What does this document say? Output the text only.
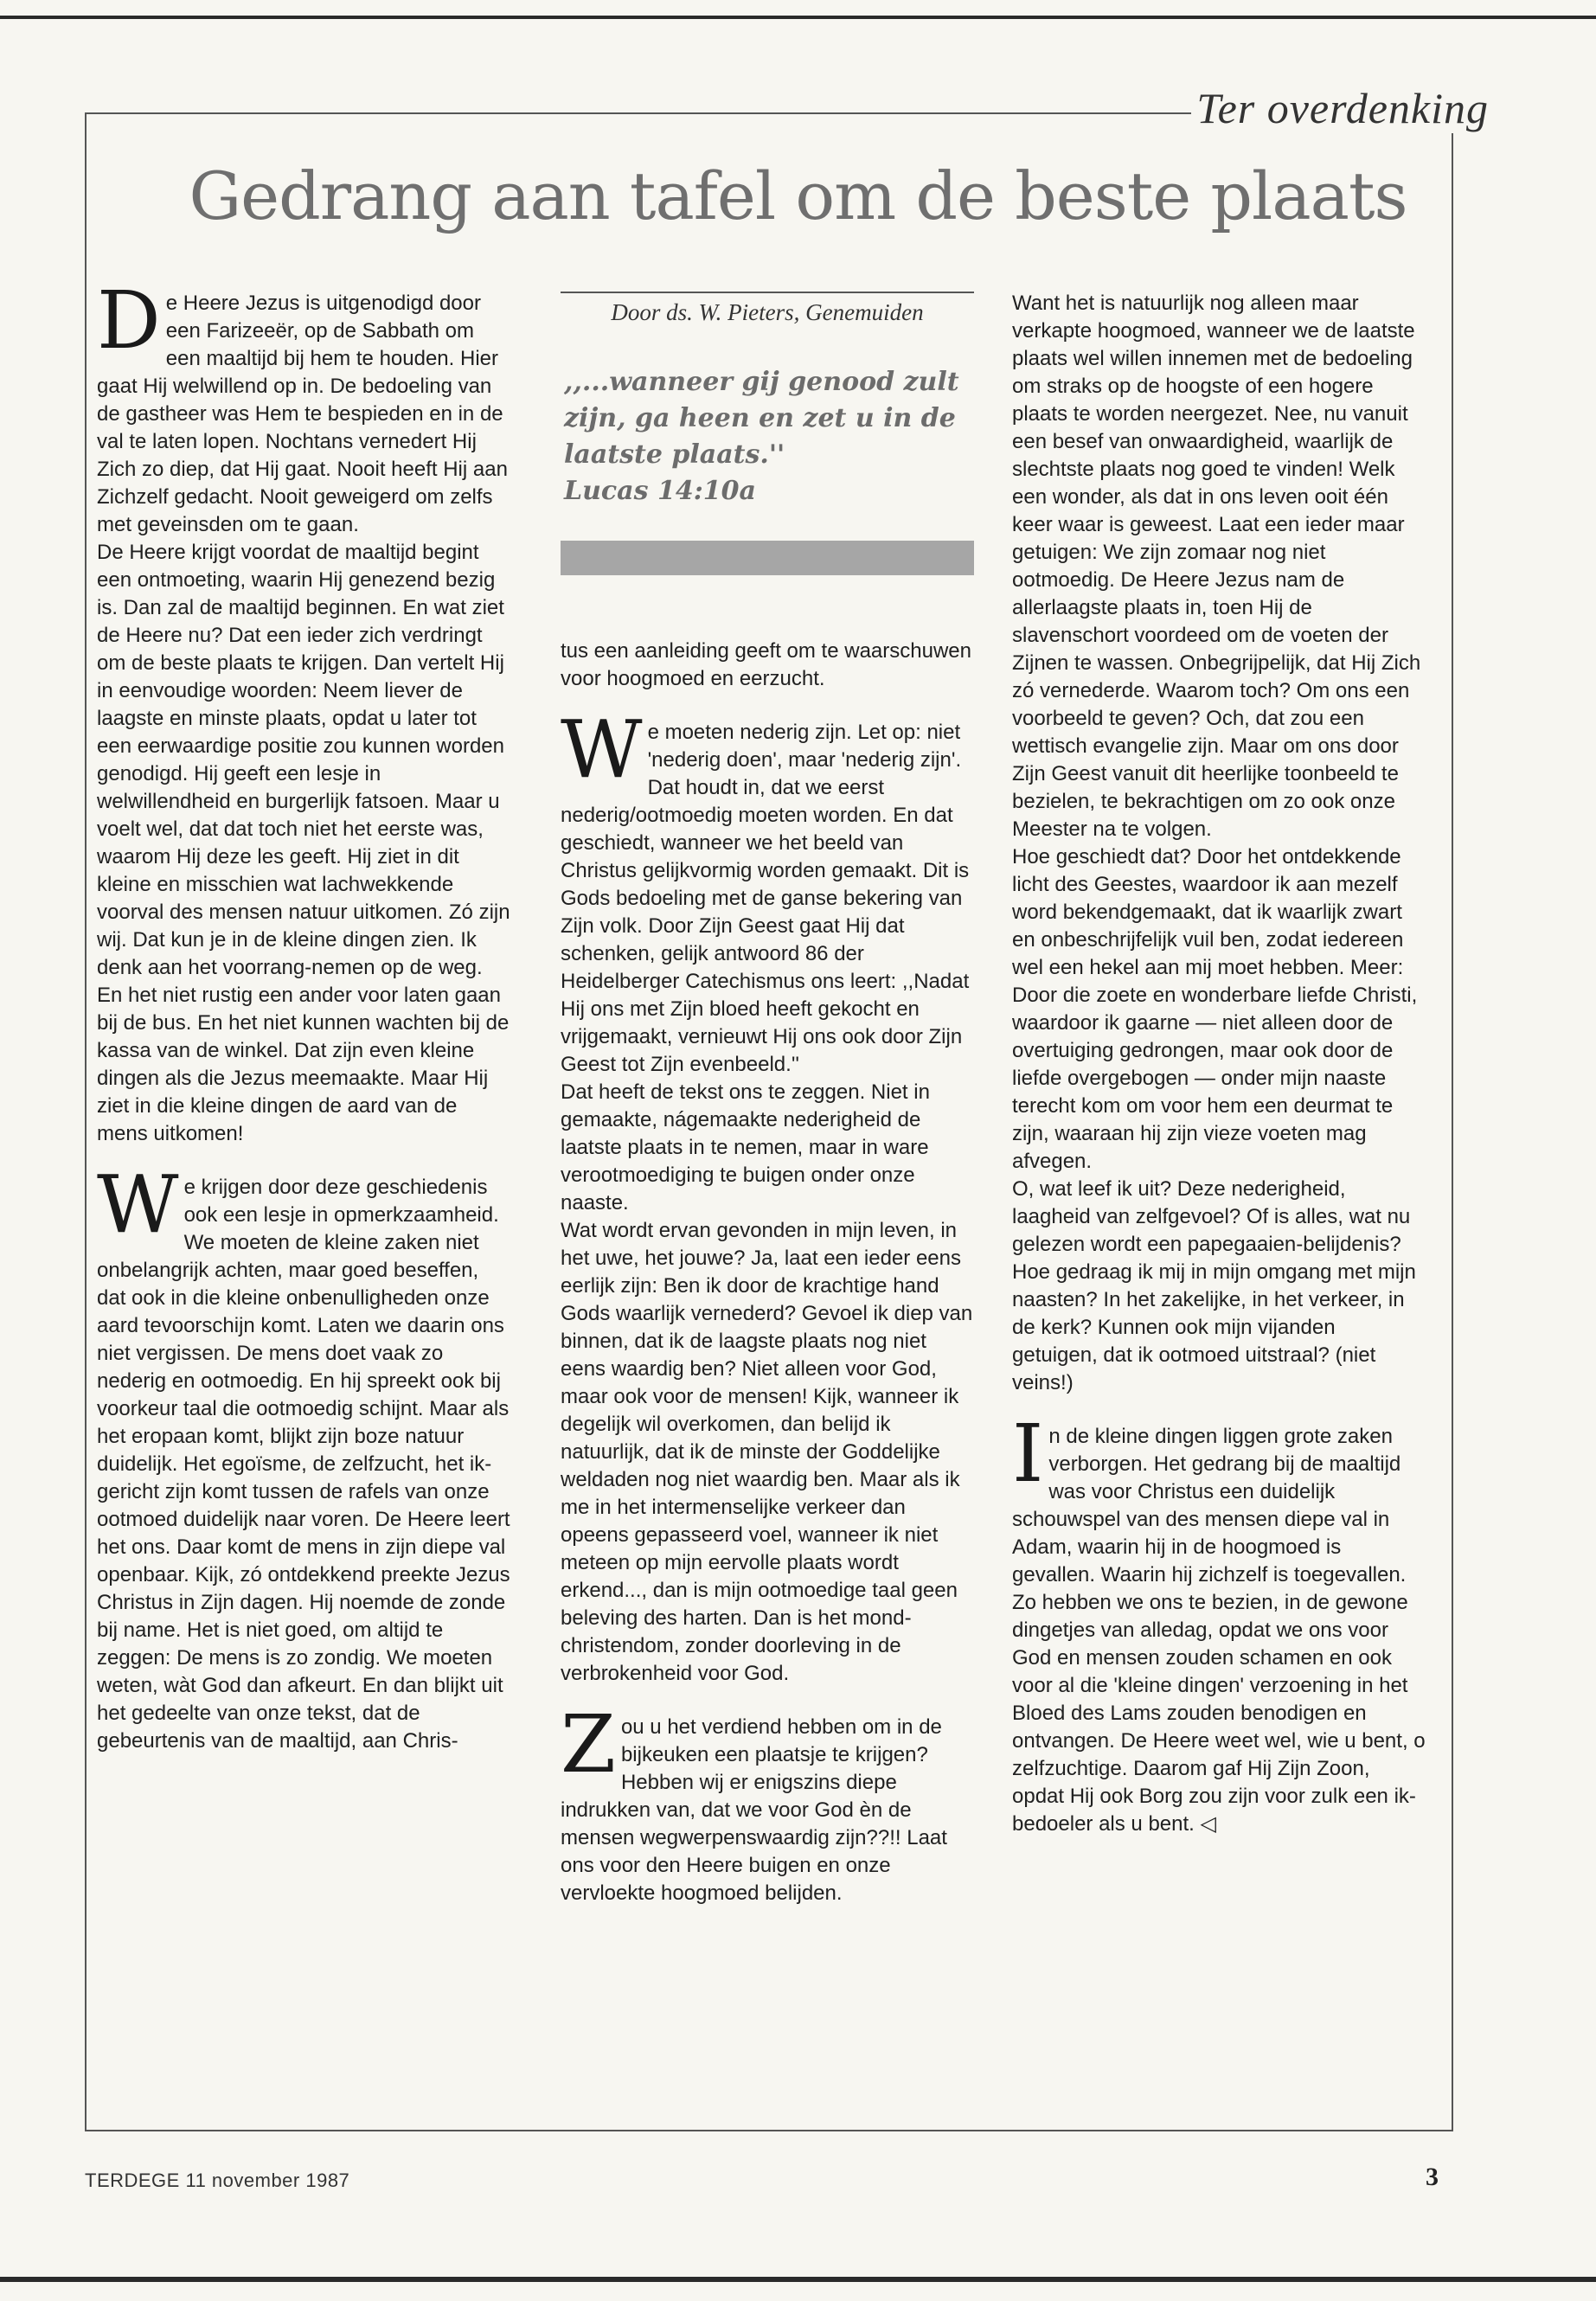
Ter overdenking
Gedrang aan tafel om de beste plaats

De Heere Jezus is uitgenodigd door een Farizeeër, op de Sabbath om een maaltijd bij hem te houden. Hier gaat Hij welwillend op in. De bedoeling van de gastheer was Hem te bespieden en in de val te laten lopen. Nochtans vernedert Hij Zich zo diep, dat Hij gaat. Nooit heeft Hij aan Zichzelf gedacht. Nooit geweigerd om zelfs met geveinsden om te gaan.
De Heere krijgt voordat de maaltijd begint een ontmoeting, waarin Hij genezend bezig is. Dan zal de maaltijd beginnen. En wat ziet de Heere nu? Dat een ieder zich verdringt om de beste plaats te krijgen. Dan vertelt Hij in eenvoudige woorden: Neem liever de laagste en minste plaats, opdat u later tot een eerwaardige positie zou kunnen worden genodigd. Hij geeft een lesje in welwillendheid en burgerlijk fatsoen. Maar u voelt wel, dat dat toch niet het eerste was, waarom Hij deze les geeft. Hij ziet in dit kleine en misschien wat lachwekkende voorval des mensen natuur uitkomen. Zó zijn wij. Dat kun je in de kleine dingen zien. Ik denk aan het voorrang-nemen op de weg. En het niet rustig een ander voor laten gaan bij de bus. En het niet kunnen wachten bij de kassa van de winkel. Dat zijn even kleine dingen als die Jezus meemaakte. Maar Hij ziet in die kleine dingen de aard van de mens uitkomen!

We krijgen door deze geschiedenis ook een lesje in opmerkzaamheid. We moeten de kleine zaken niet onbelangrijk achten, maar goed beseffen, dat ook in die kleine onbenulligheden onze aard tevoorschijn komt. Laten we daarin ons niet vergissen. De mens doet vaak zo nederig en ootmoedig. En hij spreekt ook bij voorkeur taal die ootmoedig schijnt. Maar als het eropaan komt, blijkt zijn boze natuur duidelijk. Het egoïsme, de zelfzucht, het ik-gericht zijn komt tussen de rafels van onze ootmoed duidelijk naar voren. De Heere leert het ons. Daar komt de mens in zijn diepe val openbaar. Kijk, zó ontdekkend preekte Jezus Christus in Zijn dagen. Hij noemde de zonde bij name. Het is niet goed, om altijd te zeggen: De mens is zo zondig. We moeten weten, wàt God dan afkeurt. En dan blijkt uit het gedeelte van onze tekst, dat de gebeurtenis van de maaltijd, aan Chris-

Door ds. W. Pieters, Genemuiden
,,...wanneer gij genood zult
zijn, ga heen en zet u in de
laatste plaats.''
Lucas 14:10a

tus een aanleiding geeft om te waarschuwen voor hoogmoed en eerzucht.

We moeten nederig zijn. Let op: niet 'nederig doen', maar 'nederig zijn'. Dat houdt in, dat we eerst nederig/ootmoedig moeten worden. En dat geschiedt, wanneer we het beeld van Christus gelijkvormig worden gemaakt. Dit is Gods bedoeling met de ganse bekering van Zijn volk. Door Zijn Geest gaat Hij dat schenken, gelijk antwoord 86 der Heidelberger Catechismus ons leert: ,,Nadat Hij ons met Zijn bloed heeft gekocht en vrijgemaakt, vernieuwt Hij ons ook door Zijn Geest tot Zijn evenbeeld.''
Dat heeft de tekst ons te zeggen. Niet in gemaakte, nágemaakte nederigheid de laatste plaats in te nemen, maar in ware verootmoediging te buigen onder onze naaste.
Wat wordt ervan gevonden in mijn leven, in het uwe, het jouwe? Ja, laat een ieder eens eerlijk zijn: Ben ik door de krachtige hand Gods waarlijk vernederd? Gevoel ik diep van binnen, dat ik de laagste plaats nog niet eens waardig ben? Niet alleen voor God, maar ook voor de mensen! Kijk, wanneer ik degelijk wil overkomen, dan belijd ik natuurlijk, dat ik de minste der Goddelijke weldaden nog niet waardig ben. Maar als ik me in het intermenselijke verkeer dan opeens gepasseerd voel, wanneer ik niet meteen op mijn eervolle plaats wordt erkend..., dan is mijn ootmoedige taal geen beleving des harten. Dan is het mond-christendom, zonder doorleving in de verbrokenheid voor God.

Zou u het verdiend hebben om in de bijkeuken een plaatsje te krijgen? Hebben wij er enigszins diepe indrukken van, dat we voor God èn de mensen wegwerpenswaardig zijn??!! Laat ons voor den Heere buigen en onze vervloekte hoogmoed belijden.

Want het is natuurlijk nog alleen maar verkapte hoogmoed, wanneer we de laatste plaats wel willen innemen met de bedoeling om straks op de hoogste of een hogere plaats te worden neergezet. Nee, nu vanuit een besef van onwaardigheid, waarlijk de slechtste plaats nog goed te vinden! Welk een wonder, als dat in ons leven ooit één keer waar is geweest. Laat een ieder maar getuigen: We zijn zomaar nog niet ootmoedig. De Heere Jezus nam de allerlaagste plaats in, toen Hij de slavenschort voordeed om de voeten der Zijnen te wassen. Onbegrijpelijk, dat Hij Zich zó vernederde. Waarom toch? Om ons een voorbeeld te geven? Och, dat zou een wettisch evangelie zijn. Maar om ons door Zijn Geest vanuit dit heerlijke toonbeeld te bezielen, te bekrachtigen om zo ook onze Meester na te volgen.
Hoe geschiedt dat? Door het ontdekkende licht des Geestes, waardoor ik aan mezelf word bekendgemaakt, dat ik waarlijk zwart en onbeschrijfelijk vuil ben, zodat iedereen wel een hekel aan mij moet hebben. Meer: Door die zoete en wonderbare liefde Christi, waardoor ik gaarne — niet alleen door de overtuiging gedrongen, maar ook door de liefde overgebogen — onder mijn naaste terecht kom om voor hem een deurmat te zijn, waaraan hij zijn vieze voeten mag afvegen.
O, wat leef ik uit? Deze nederigheid, laagheid van zelfgevoel? Of is alles, wat nu gelezen wordt een papegaaien-belijdenis? Hoe gedraag ik mij in mijn omgang met mijn naasten? In het zakelijke, in het verkeer, in de kerk? Kunnen ook mijn vijanden getuigen, dat ik ootmoed uitstraal? (niet veins!)

In de kleine dingen liggen grote zaken verborgen. Het gedrang bij de maaltijd was voor Christus een duidelijk schouwspel van des mensen diepe val in Adam, waarin hij in de hoogmoed is gevallen. Waarin hij zichzelf is toegevallen. Zo hebben we ons te bezien, in de gewone dingetjes van alledag, opdat we ons voor God en mensen zouden schamen en ook voor al die 'kleine dingen' verzoening in het Bloed des Lams zouden benodigen en ontvangen. De Heere weet wel, wie u bent, o zelfzuchtige. Daarom gaf Hij Zijn Zoon, opdat Hij ook Borg zou zijn voor zulk een ik-bedoeler als u bent. ◁

TERDEGE 11 november 1987	3
